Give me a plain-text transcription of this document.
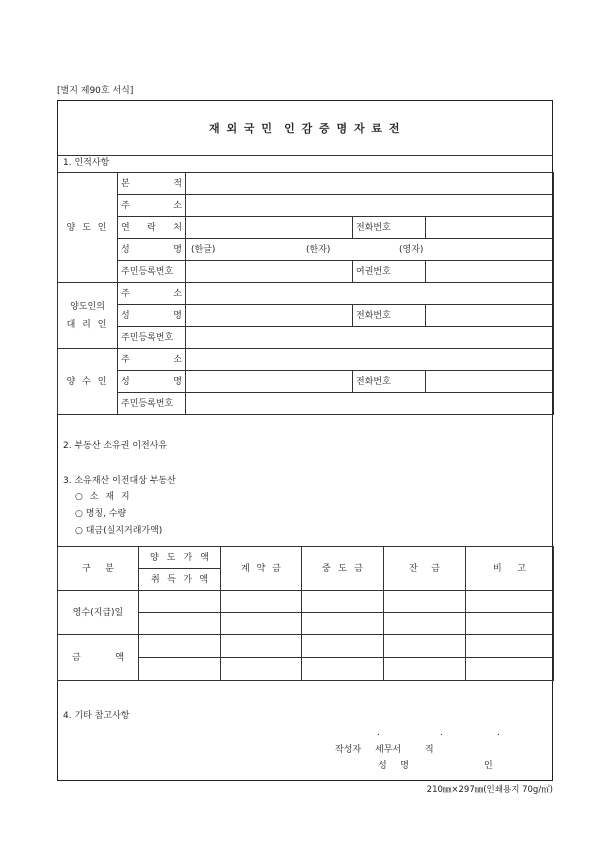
[별지 제90호 서식]
재 외 국 민  인 감 증 명 자 료 전
1. 인적사항
양 도 인	본 적			
	주 소			
	연 락 처		전화번호	
	성 명	(한글) (한자) (영자)		

	주민등록번호		여권번호	

양도인의
대 리 인	주 소			
	성 명		전화번호	
	주민등록번호			
양 수 인	주 소			
	성 명		전화번호	
	주민등록번호			
2. 부동산 소유권 이전사유
3. 소유재산 이전대상 부동산
○ 소 재 지
○ 명칭, 수량
○ 대금(실지거래가액)
구 분	양 도 가 액	계 약 금	중 도 금	잔 금	비 고
	취 득 가 액				
영수(지급)일					

금 액					

4. 기타 참고사항
.	.	.
작성자 세무서	직
성 명	인
210㎜×297㎜(인쇄용지 70g/㎡)
